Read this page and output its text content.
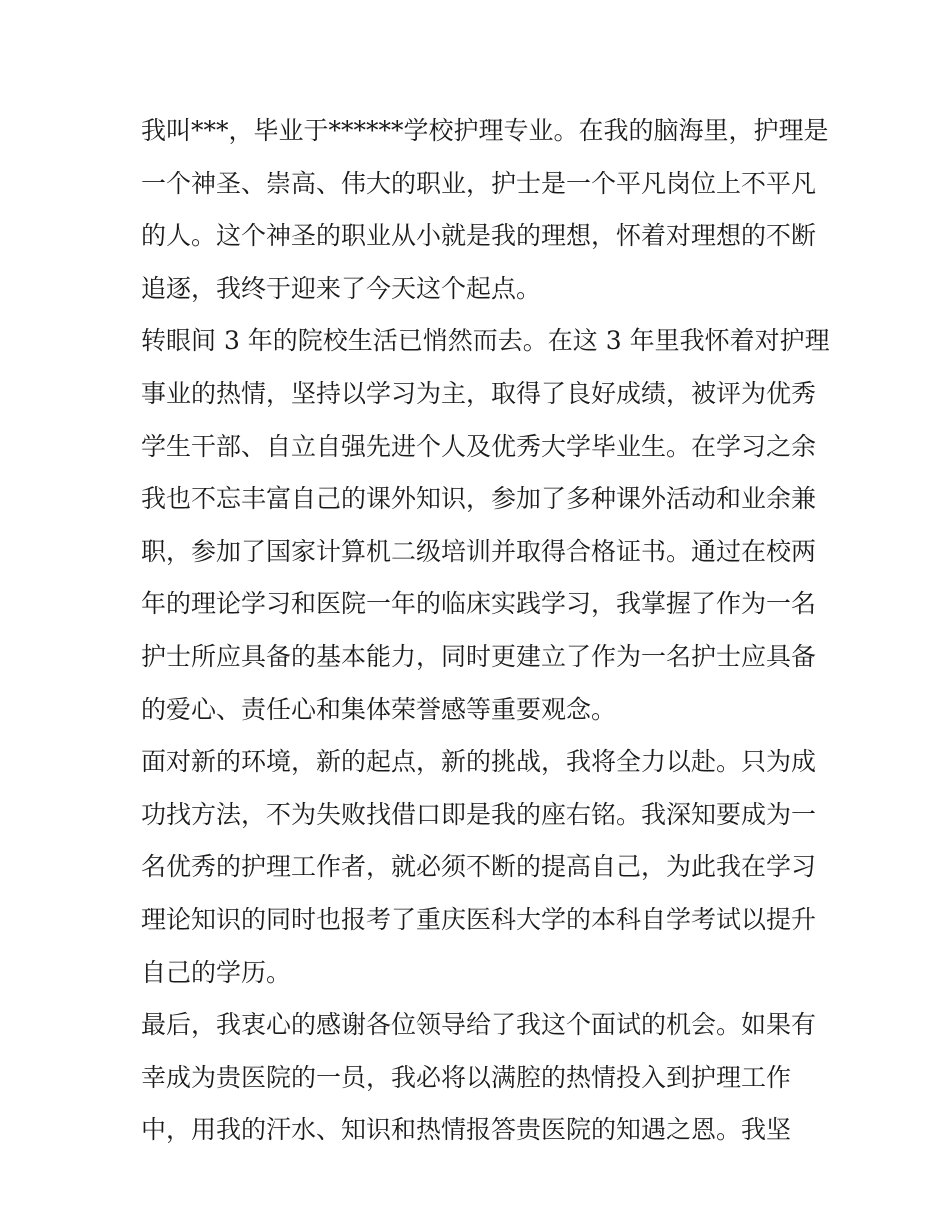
我叫***，毕业于******学校护理专业。在我的脑海里，护理是

一个神圣、崇高、伟大的职业，护士是一个平凡岗位上不平凡

的人。这个神圣的职业从小就是我的理想，怀着对理想的不断

追逐，我终于迎来了今天这个起点。

转眼间 3 年的院校生活已悄然而去。在这 3 年里我怀着对护理

事业的热情，坚持以学习为主，取得了良好成绩，被评为优秀

学生干部、自立自强先进个人及优秀大学毕业生。在学习之余

我也不忘丰富自己的课外知识，参加了多种课外活动和业余兼

职，参加了国家计算机二级培训并取得合格证书。通过在校两

年的理论学习和医院一年的临床实践学习，我掌握了作为一名

护士所应具备的基本能力，同时更建立了作为一名护士应具备

的爱心、责任心和集体荣誉感等重要观念。

面对新的环境，新的起点，新的挑战，我将全力以赴。只为成

功找方法，不为失败找借口即是我的座右铭。我深知要成为一

名优秀的护理工作者，就必须不断的提高自己，为此我在学习

理论知识的同时也报考了重庆医科大学的本科自学考试以提升

自己的学历。

最后，我衷心的感谢各位领导给了我这个面试的机会。如果有

幸成为贵医院的一员，我必将以满腔的热情投入到护理工作

中，用我的汗水、知识和热情报答贵医院的知遇之恩。我坚
